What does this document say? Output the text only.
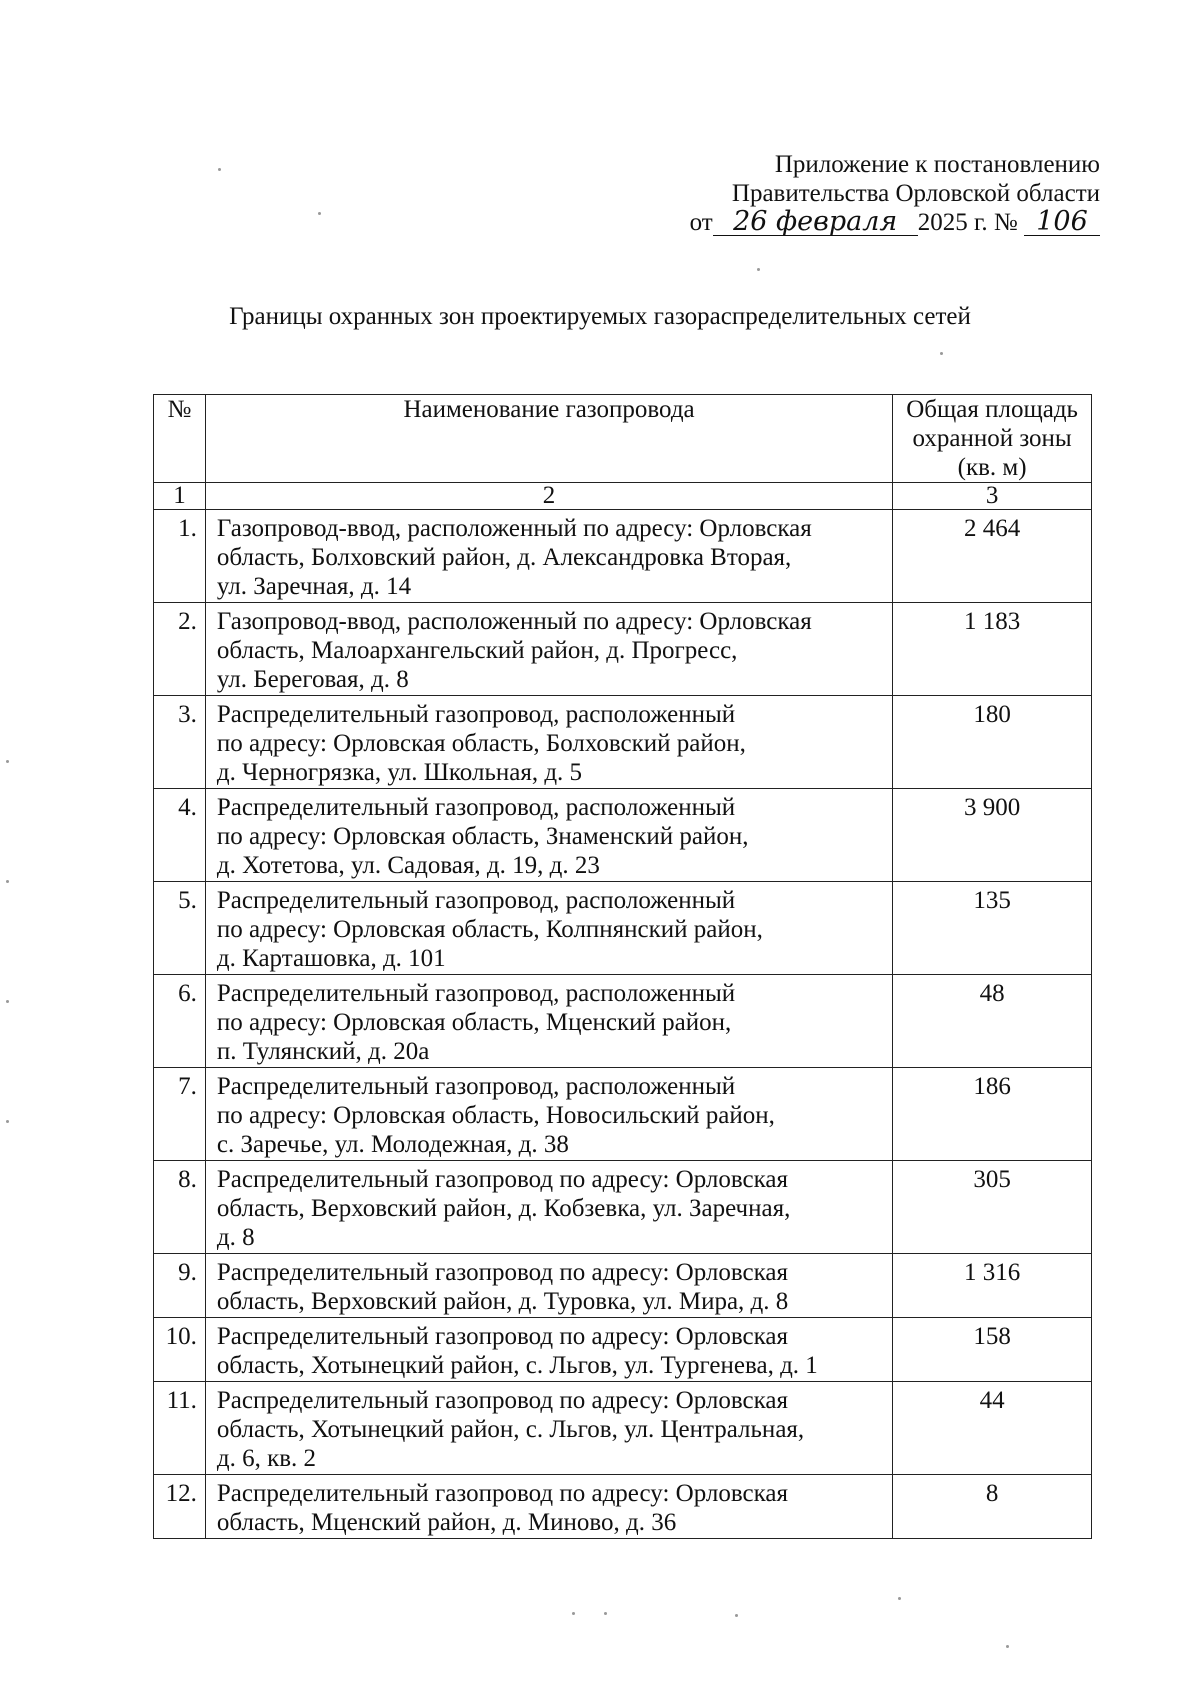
Приложение к постановлению
Правительства Орловской области
от 26 февраля 2025 г. № 106
Границы охранных зон проектируемых газораспределительных сетей
№	Наименование газопровода	Общая площадь
охранной зоны
(кв. м)

1	2	3
1.	Газопровод-ввод, расположенный по адресу: Орловская
область, Болховский район, д. Александровка Вторая,
ул. Заречная, д. 14	2 464
2.	Газопровод-ввод, расположенный по адресу: Орловская
область, Малоархангельский район, д. Прогресс,
ул. Береговая, д. 8	1 183
3.	Распределительный газопровод, расположенный
по адресу: Орловская область, Болховский район,
д. Черногрязка, ул. Школьная, д. 5	180
4.	Распределительный газопровод, расположенный
по адресу: Орловская область, Знаменский район,
д. Хотетова, ул. Садовая, д. 19, д. 23	3 900
5.	Распределительный газопровод, расположенный
по адресу: Орловская область, Колпнянский район,
д. Карташовка, д. 101	135
6.	Распределительный газопровод, расположенный
по адресу: Орловская область, Мценский район,
п. Тулянский, д. 20а	48
7.	Распределительный газопровод, расположенный
по адресу: Орловская область, Новосильский район,
с. Заречье, ул. Молодежная, д. 38	186
8.	Распределительный газопровод по адресу: Орловская
область, Верховский район, д. Кобзевка, ул. Заречная,
д. 8	305
9.	Распределительный газопровод по адресу: Орловская
область, Верховский район, д. Туровка, ул. Мира, д. 8	1 316
10.	Распределительный газопровод по адресу: Орловская
область, Хотынецкий район, с. Льгов, ул. Тургенева, д. 1	158
11.	Распределительный газопровод по адресу: Орловская
область, Хотынецкий район, с. Льгов, ул. Центральная,
д. 6, кв. 2	44
12.	Распределительный газопровод по адресу: Орловская
область, Мценский район, д. Миново, д. 36	8
